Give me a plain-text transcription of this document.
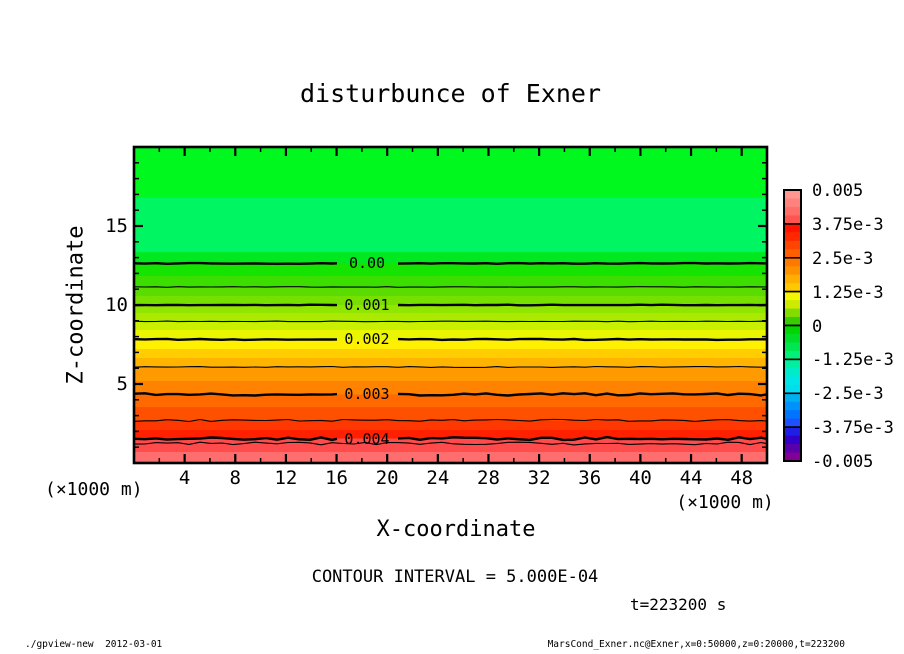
disturbunce of Exner
Z-coordinate
X-coordinate
(×1000 m)
(×1000 m)
CONTOUR INTERVAL = 5.000E-04
t=223200 s
./gpview-new  2012-03-01	MarsCond_Exner.nc@Exner,x=0:50000,z=0:20000,t=223200
0.00
0.001
0.002
0.003
0.004
4 8 12 16 20 24 28 32 36 40 44 48
5
10
15
0.005
3.75e-3
2.5e-3
1.25e-3
0
-1.25e-3
-2.5e-3
-3.75e-3
-0.005
